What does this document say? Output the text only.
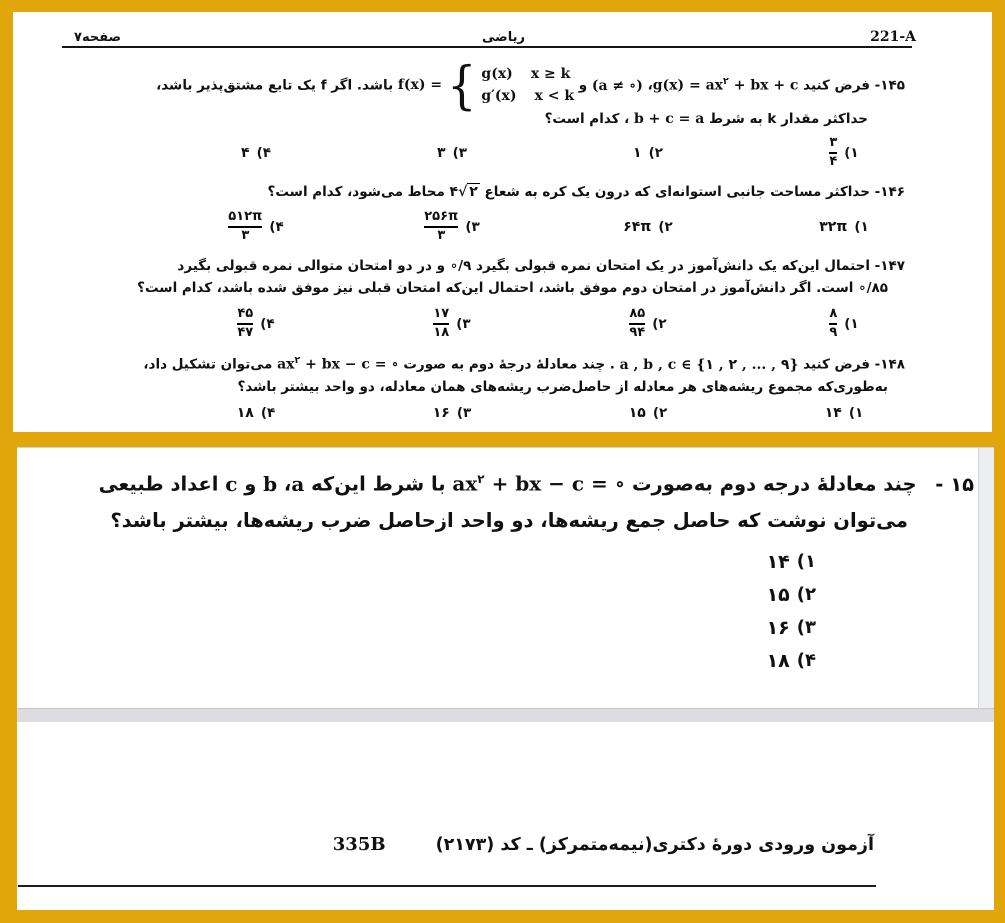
221-A
ریاضی
صفحه۷
۱۴۵- فرض کنید $g(x) = ax^۲$ + bx + c، (a ≠ ∘) و
f(x) = { g(x) x ≥ k
g′(x) x < k
باشد. اگر f یک تابع مشتق‌پذیر باشد،
حداکثر مقدار k به شرط b + c = a ، کدام است؟
$\frac{۳}{۴}$ (۱
۱ (۲
۳ (۳
۴ (۴
۱۴۶- حداکثر مساحت جانبی استوانه‌ای که درون یک کره به شعاع ۴√ ۲ محاط می‌شود، کدام است؟
۳۲π (۱
۶۴π (۲
$\frac{۲۵۶\pi}{۳}$ (۳
$\frac{۵۱۲\pi}{۳}$ (۴
۱۴۷- احتمال این‌که یک دانش‌آموز در یک امتحان نمره قبولی بگیرد ∘/۹ و در دو امتحان متوالی نمره قبولی بگیرد
∘/۸۵ است. اگر دانش‌آموز در امتحان دوم موفق باشد، احتمال این‌که امتحان قبلی نیز موفق شده باشد، کدام است؟
$\frac{۸}{۹}$ (۱
$\frac{۸۵}{۹۴}$ (۲
$\frac{۱۷}{۱۸}$ (۳
$\frac{۴۵}{۴۷}$ (۴
۱۴۸- فرض کنید a , b , c ∈ {۱ , ۲ , ... , ۹} . چند معادلۀ درجۀ دوم به صورت $ax^۲$ + bx − c = ∘ می‌توان تشکیل داد،
به‌طوری‌که مجموع ریشه‌های هر معادله از حاصل‌ضرب ریشه‌های همان معادله، دو واحد بیشتر باشد؟
۱۴ (۱
۱۵ (۲
۱۶ (۳
۱۸ (۴
۱۵ - چند معادلۀ درجه دوم به‌صورت $ax^۲$ + bx − c = ∘ با شرط این‌که a، b و c اعداد طبیعی
می‌توان نوشت که حاصل جمع ریشه‌ها، دو واحد ازحاصل ضرب ریشه‌ها، بیشتر باشد؟
۱۴ (۱
۱۵ (۲
۱۶ (۳
۱۸ (۴
آزمون ورودی دورۀ دکتری(نیمه‌متمرکز) ـ کد (۲۱۷۳)
335B
